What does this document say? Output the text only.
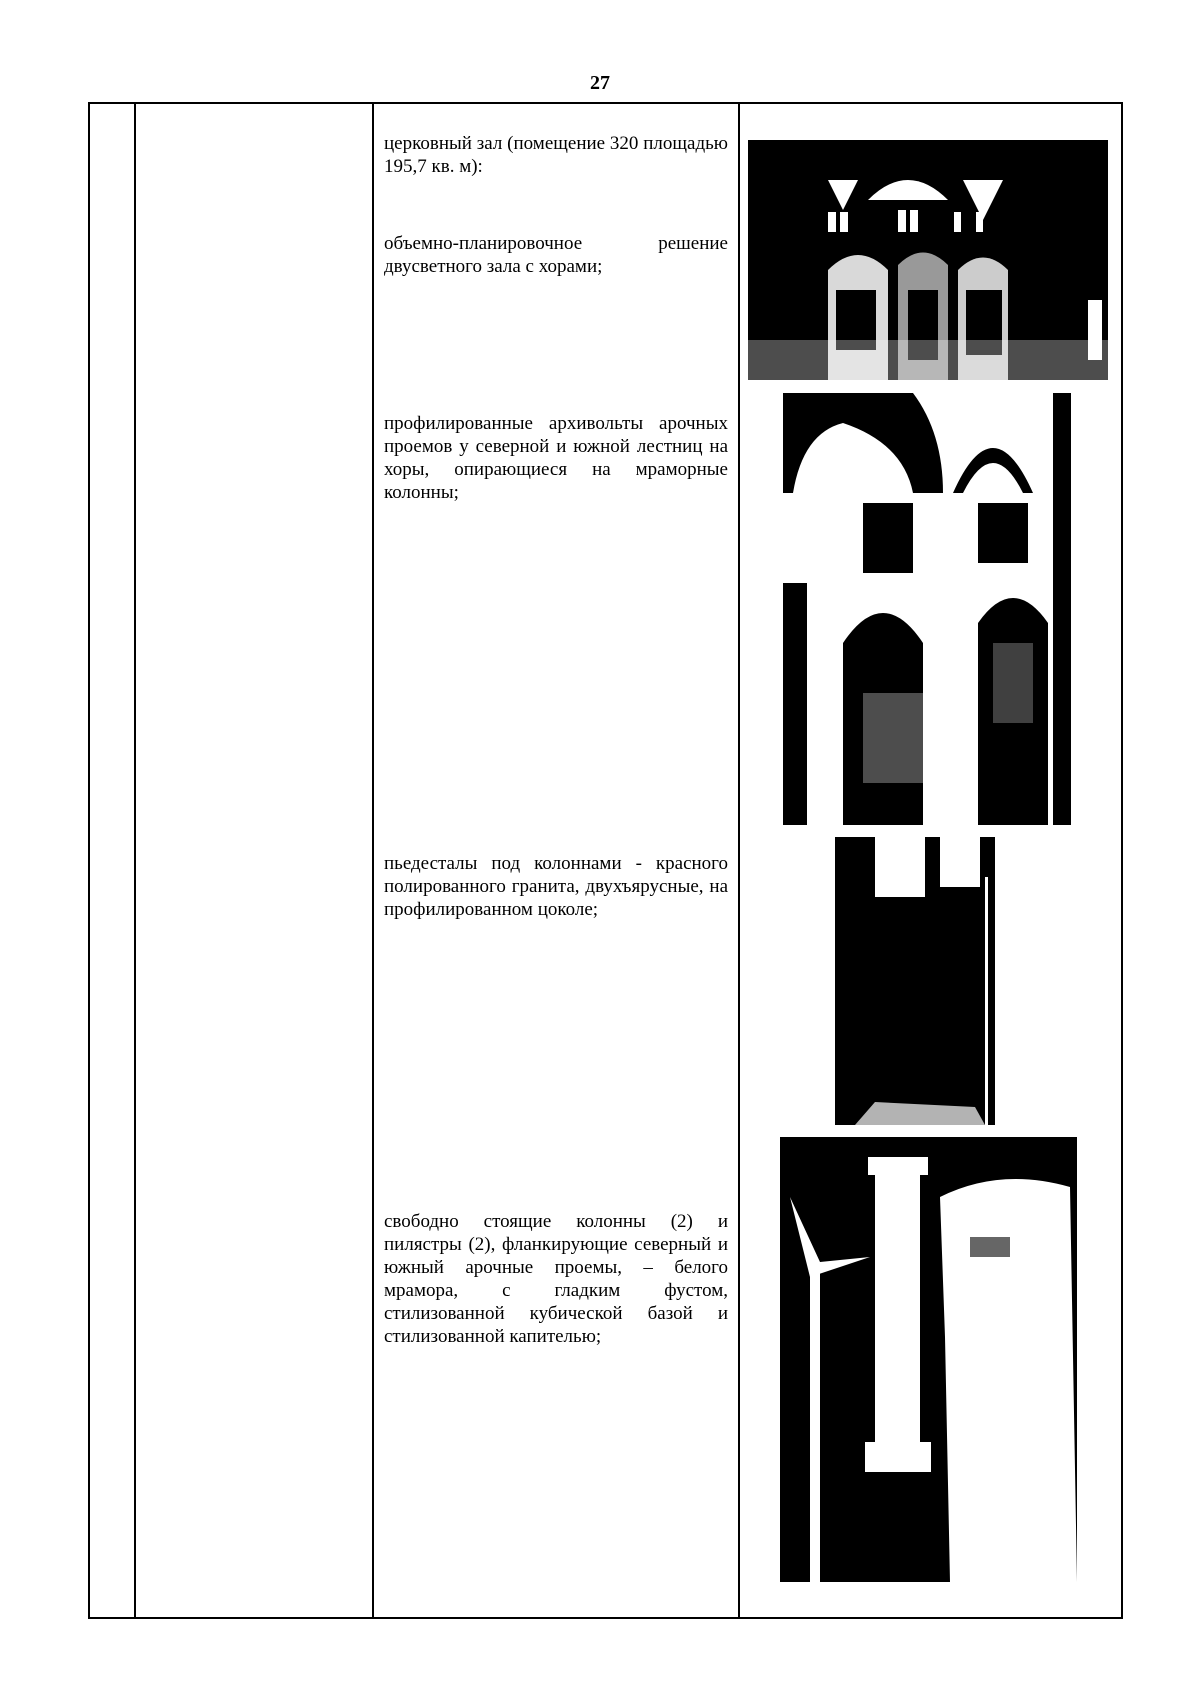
27
церковный зал (помещение 320 площадью 195,7 кв. м):
объемно-планировочное решение двусветного зала с хорами;
профилированные архивольты арочных проемов у северной и южной лестниц на хоры, опирающиеся на мраморные колонны;
пьедесталы под колоннами - красного полированного гранита, двухъярусные, на профилированном цоколе;
свободно стоящие колонны (2) и пилястры (2), фланкирующие северный и южный арочные проемы, – белого мрамора, с гладким фустом, стилизованной кубической базой и стилизованной капителью;
